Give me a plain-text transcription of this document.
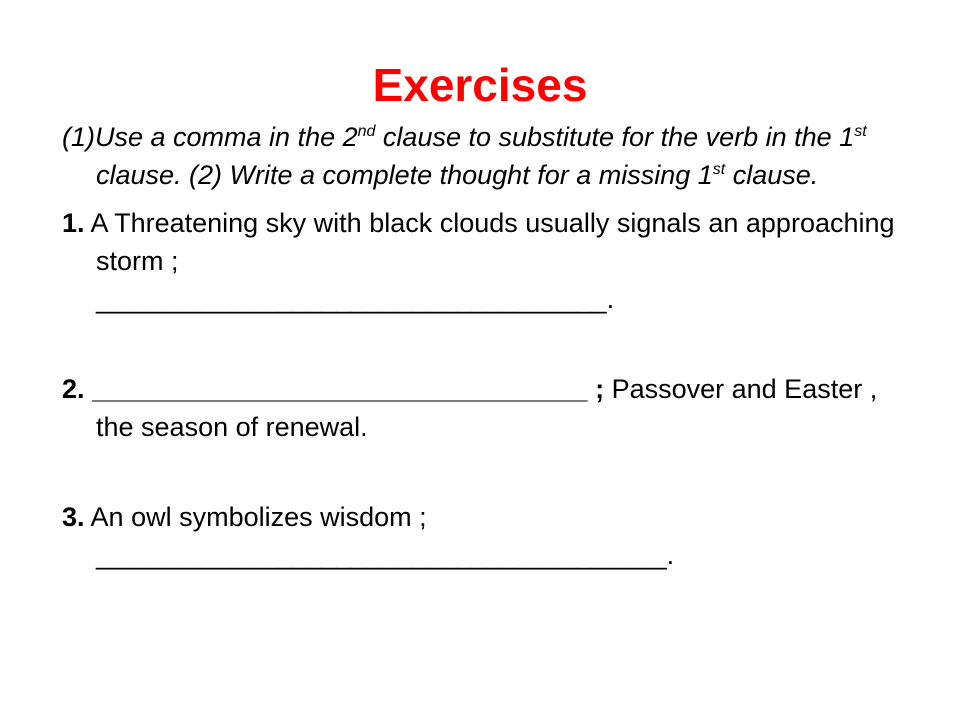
Exercises

(1)Use a comma in the 2nd clause to substitute for the verb in the 1st clause. (2) Write a complete thought for a missing 1st clause.

1. A Threatening sky with black clouds usually signals an approaching storm ;
__________________________________.

2. _________________________________ ; Passover and Easter , the season of renewal.

3. An owl symbolizes wisdom ;
______________________________________.
